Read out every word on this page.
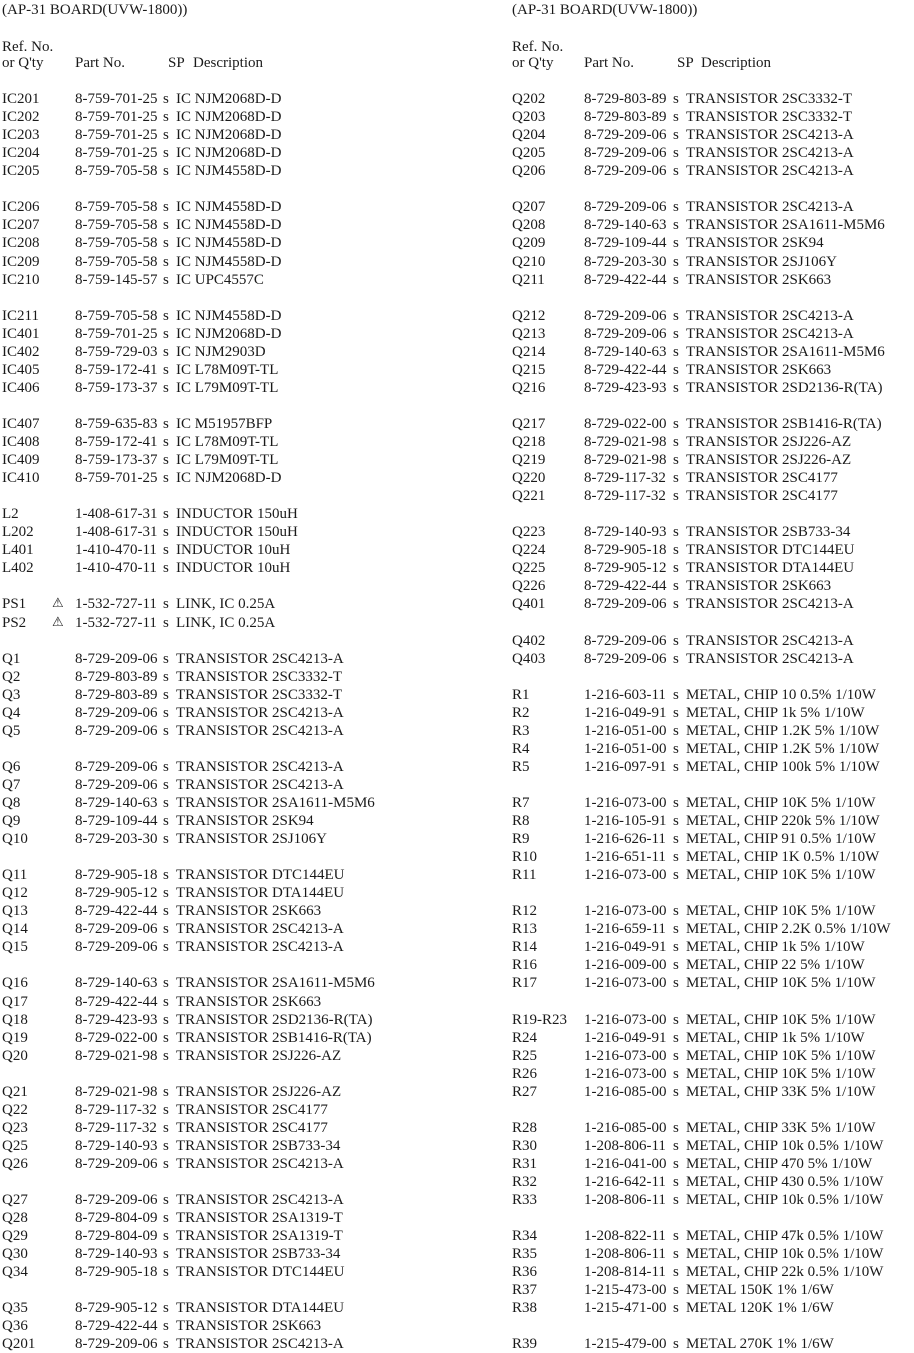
(AP-31 BOARD(UVW-1800))
Ref. No.
or Q'ty Part No.	SP Description
IC201 8-759-701-25 s IC NJM2068D-D
IC202 8-759-701-25 s IC NJM2068D-D
IC203 8-759-701-25 s IC NJM2068D-D
IC204 8-759-701-25 s IC NJM2068D-D
IC205 8-759-705-58 s IC NJM4558D-D
IC206 8-759-705-58 s IC NJM4558D-D
IC207 8-759-705-58 s IC NJM4558D-D
IC208 8-759-705-58 s IC NJM4558D-D
IC209 8-759-705-58 s IC NJM4558D-D
IC210 8-759-145-57 s IC UPC4557C
IC211 8-759-705-58 s IC NJM4558D-D
IC401 8-759-701-25 s IC NJM2068D-D
IC402 8-759-729-03 s IC NJM2903D
IC405 8-759-172-41 s IC L78M09T-TL
IC406 8-759-173-37 s IC L79M09T-TL
IC407 8-759-635-83 s IC M51957BFP
IC408 8-759-172-41 s IC L78M09T-TL
IC409 8-759-173-37 s IC L79M09T-TL
IC410 8-759-701-25 s IC NJM2068D-D
L2	1-408-617-31 s INDUCTOR 150uH
L202	1-408-617-31 s INDUCTOR 150uH
L401	1-410-470-11 s INDUCTOR 10uH
L402	1-410-470-11 s INDUCTOR 10uH
PS1 ⚠ 1-532-727-11 s LINK, IC 0.25A
PS2 ⚠ 1-532-727-11 s LINK, IC 0.25A
Q1	8-729-209-06 s TRANSISTOR 2SC4213-A
Q2	8-729-803-89 s TRANSISTOR 2SC3332-T
Q3	8-729-803-89 s TRANSISTOR 2SC3332-T
Q4	8-729-209-06 s TRANSISTOR 2SC4213-A
Q5	8-729-209-06 s TRANSISTOR 2SC4213-A
Q6	8-729-209-06 s TRANSISTOR 2SC4213-A
Q7	8-729-209-06 s TRANSISTOR 2SC4213-A
Q8	8-729-140-63 s TRANSISTOR 2SA1611-M5M6
Q9	8-729-109-44 s TRANSISTOR 2SK94
Q10	8-729-203-30 s TRANSISTOR 2SJ106Y
Q11	8-729-905-18 s TRANSISTOR DTC144EU
Q12	8-729-905-12 s TRANSISTOR DTA144EU
Q13	8-729-422-44 s TRANSISTOR 2SK663
Q14	8-729-209-06 s TRANSISTOR 2SC4213-A
Q15	8-729-209-06 s TRANSISTOR 2SC4213-A
Q16	8-729-140-63 s TRANSISTOR 2SA1611-M5M6
Q17	8-729-422-44 s TRANSISTOR 2SK663
Q18	8-729-423-93 s TRANSISTOR 2SD2136-R(TA)
Q19	8-729-022-00 s TRANSISTOR 2SB1416-R(TA)
Q20	8-729-021-98 s TRANSISTOR 2SJ226-AZ
Q21	8-729-021-98 s TRANSISTOR 2SJ226-AZ
Q22	8-729-117-32 s TRANSISTOR 2SC4177
Q23	8-729-117-32 s TRANSISTOR 2SC4177
Q25	8-729-140-93 s TRANSISTOR 2SB733-34
Q26	8-729-209-06 s TRANSISTOR 2SC4213-A
Q27	8-729-209-06 s TRANSISTOR 2SC4213-A
Q28	8-729-804-09 s TRANSISTOR 2SA1319-T
Q29	8-729-804-09 s TRANSISTOR 2SA1319-T
Q30	8-729-140-93 s TRANSISTOR 2SB733-34
Q34	8-729-905-18 s TRANSISTOR DTC144EU
Q35	8-729-905-12 s TRANSISTOR DTA144EU
Q36	8-729-422-44 s TRANSISTOR 2SK663
Q201	8-729-209-06 s TRANSISTOR 2SC4213-A
(AP-31 BOARD(UVW-1800))
Ref. No.
or Q'ty Part No.	SP Description
Q202	8-729-803-89 s TRANSISTOR 2SC3332-T
Q203	8-729-803-89 s TRANSISTOR 2SC3332-T
Q204	8-729-209-06 s TRANSISTOR 2SC4213-A
Q205	8-729-209-06 s TRANSISTOR 2SC4213-A
Q206	8-729-209-06 s TRANSISTOR 2SC4213-A
Q207	8-729-209-06 s TRANSISTOR 2SC4213-A
Q208	8-729-140-63 s TRANSISTOR 2SA1611-M5M6
Q209	8-729-109-44 s TRANSISTOR 2SK94
Q210	8-729-203-30 s TRANSISTOR 2SJ106Y
Q211	8-729-422-44 s TRANSISTOR 2SK663
Q212	8-729-209-06 s TRANSISTOR 2SC4213-A
Q213	8-729-209-06 s TRANSISTOR 2SC4213-A
Q214	8-729-140-63 s TRANSISTOR 2SA1611-M5M6
Q215	8-729-422-44 s TRANSISTOR 2SK663
Q216	8-729-423-93 s TRANSISTOR 2SD2136-R(TA)
Q217	8-729-022-00 s TRANSISTOR 2SB1416-R(TA)
Q218	8-729-021-98 s TRANSISTOR 2SJ226-AZ
Q219	8-729-021-98 s TRANSISTOR 2SJ226-AZ
Q220	8-729-117-32 s TRANSISTOR 2SC4177
Q221	8-729-117-32 s TRANSISTOR 2SC4177
Q223	8-729-140-93 s TRANSISTOR 2SB733-34
Q224	8-729-905-18 s TRANSISTOR DTC144EU
Q225	8-729-905-12 s TRANSISTOR DTA144EU
Q226	8-729-422-44 s TRANSISTOR 2SK663
Q401	8-729-209-06 s TRANSISTOR 2SC4213-A
Q402	8-729-209-06 s TRANSISTOR 2SC4213-A
Q403	8-729-209-06 s TRANSISTOR 2SC4213-A
R1	1-216-603-11 s METAL, CHIP 10 0.5% 1/10W
R2	1-216-049-91 s METAL, CHIP 1k 5% 1/10W
R3	1-216-051-00 s METAL, CHIP 1.2K 5% 1/10W
R4	1-216-051-00 s METAL, CHIP 1.2K 5% 1/10W
R5	1-216-097-91 s METAL, CHIP 100k 5% 1/10W
R7	1-216-073-00 s METAL, CHIP 10K 5% 1/10W
R8	1-216-105-91 s METAL, CHIP 220k 5% 1/10W
R9	1-216-626-11 s METAL, CHIP 91 0.5% 1/10W
R10	1-216-651-11 s METAL, CHIP 1K 0.5% 1/10W
R11	1-216-073-00 s METAL, CHIP 10K 5% 1/10W
R12	1-216-073-00 s METAL, CHIP 10K 5% 1/10W
R13	1-216-659-11 s METAL, CHIP 2.2K 0.5% 1/10W
R14	1-216-049-91 s METAL, CHIP 1k 5% 1/10W
R16	1-216-009-00 s METAL, CHIP 22 5% 1/10W
R17	1-216-073-00 s METAL, CHIP 10K 5% 1/10W
R19-R23 1-216-073-00 s METAL, CHIP 10K 5% 1/10W
R24	1-216-049-91 s METAL, CHIP 1k 5% 1/10W
R25	1-216-073-00 s METAL, CHIP 10K 5% 1/10W
R26	1-216-073-00 s METAL, CHIP 10K 5% 1/10W
R27	1-216-085-00 s METAL, CHIP 33K 5% 1/10W
R28	1-216-085-00 s METAL, CHIP 33K 5% 1/10W
R30	1-208-806-11 s METAL, CHIP 10k 0.5% 1/10W
R31	1-216-041-00 s METAL, CHIP 470 5% 1/10W
R32	1-216-642-11 s METAL, CHIP 430 0.5% 1/10W
R33	1-208-806-11 s METAL, CHIP 10k 0.5% 1/10W
R34	1-208-822-11 s METAL, CHIP 47k 0.5% 1/10W
R35	1-208-806-11 s METAL, CHIP 10k 0.5% 1/10W
R36	1-208-814-11 s METAL, CHIP 22k 0.5% 1/10W
R37	1-215-473-00 s METAL 150K 1% 1/6W
R38	1-215-471-00 s METAL 120K 1% 1/6W
R39	1-215-479-00 s METAL 270K 1% 1/6W
